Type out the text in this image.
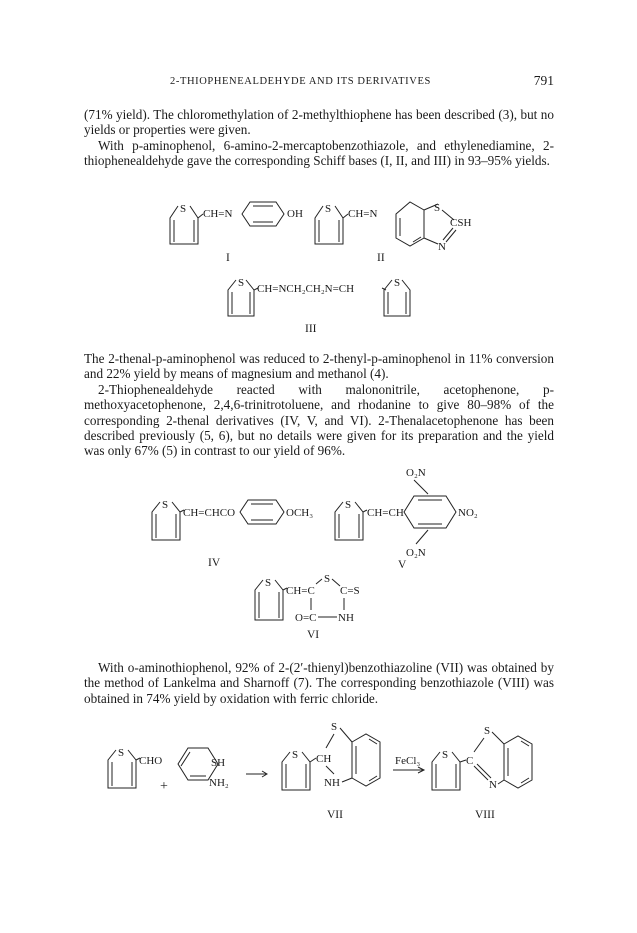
2-THIOPHENEALDEHYDE AND ITS DERIVATIVES	791

(71% yield). The chloromethylation of 2-methylthiophene has been described (3), but no yields or properties were given.

With p-aminophenol, 6-amino-2-mercaptobenzothiazole, and ethylenediamine, 2-thiophenealdehyde gave the corresponding Schiff bases (I, II, and III) in 93–95% yields.

S CH=N	OH
I
S CH=N	S
CSH
N
II
S CH=NCH₂CH₂N=CH	S
III

The 2-thenal-p-aminophenol was reduced to 2-thenyl-p-aminophenol in 11% conversion and 22% yield by means of magnesium and methanol (4).

2-Thiophenealdehyde reacted with malononitrile, acetophenone, p-methoxyacetophenone, 2,4,6-trinitrotoluene, and rhodanine to give 80–98% of the corresponding 2-thenal derivatives (IV, V, and VI). 2-Thenalacetophenone has been described previously (5, 6), but no details were given for its preparation and the yield was only 67% (5) in contrast to our yield of 96%.

S
CH=CHCO	OCH₃
IV
S
CH=CH
O₂N
NO₂
O₂N
V
S
CH=C
S
C=S
O=C NH
VI

With o-aminothiophenol, 92% of 2-(2′-thienyl)benzothiazoline (VII) was obtained by the method of Lankelma and Sharnoff (7). The corresponding benzothiazole (VIII) was obtained in 74% yield by oxidation with ferric chloride.

S
CHO
+
SH
NH₂
S CH
S
NH
VII
FeCl₃ S C
S
N
VIII
